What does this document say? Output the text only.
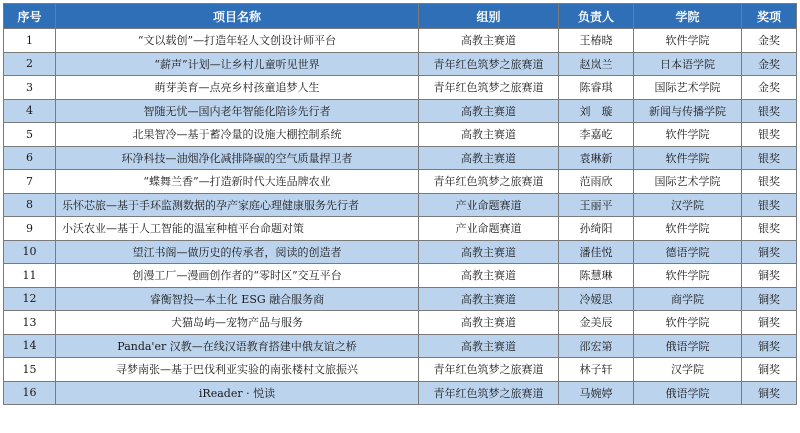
序号	项目名称	组别	负责人	学院	奖项
1	“文以载创”—打造年轻人文创设计师平台	高教主赛道	王椿晓	软件学院	金奖
2	“薪声”计划—让乡村儿童听见世界	青年红色筑梦之旅赛道	赵岚兰	日本语学院	金奖
3	萌芽美育—点亮乡村孩童追梦人生	青年红色筑梦之旅赛道	陈睿琪	国际艺术学院	金奖
4	智随无忧—国内老年智能化陪诊先行者	高教主赛道	刘　璇	新闻与传播学院	银奖
5	北果智冷—基于蓄冷量的设施大棚控制系统	高教主赛道	李嘉屹	软件学院	银奖
6	环净科技—油烟净化减排降碳的空气质量捍卫者	高教主赛道	袁琳新	软件学院	银奖
7	“蝶舞兰香”—打造新时代大连品牌农业	青年红色筑梦之旅赛道	范雨欣	国际艺术学院	银奖
8	乐怀芯旅—基于手环监测数据的孕产家庭心理健康服务先行者	产业命题赛道	王丽平	汉学院	银奖
9	小沃农业—基于人工智能的温室种植平台命题对策	产业命题赛道	孙绮阳	软件学院	银奖
10	望江书阁—做历史的传承者，阅读的创造者	高教主赛道	潘佳悦	德语学院	铜奖
11	创漫工厂—漫画创作者的“零时区”交互平台	高教主赛道	陈慧琳	软件学院	铜奖
12	睿衡智投—本土化 ESG 融合服务商	高教主赛道	冷嫒思	商学院	铜奖
13	犬猫岛屿—宠物产品与服务	高教主赛道	金美辰	软件学院	铜奖
14	Panda'er 汉教—在线汉语教育搭建中俄友谊之桥	高教主赛道	邵宏第	俄语学院	铜奖
15	寻梦南张—基于巴伐利亚实验的南张楼村文旅振兴	青年红色筑梦之旅赛道	林子轩	汉学院	铜奖
16	iReader · 悦读	青年红色筑梦之旅赛道	马婉婷	俄语学院	铜奖
